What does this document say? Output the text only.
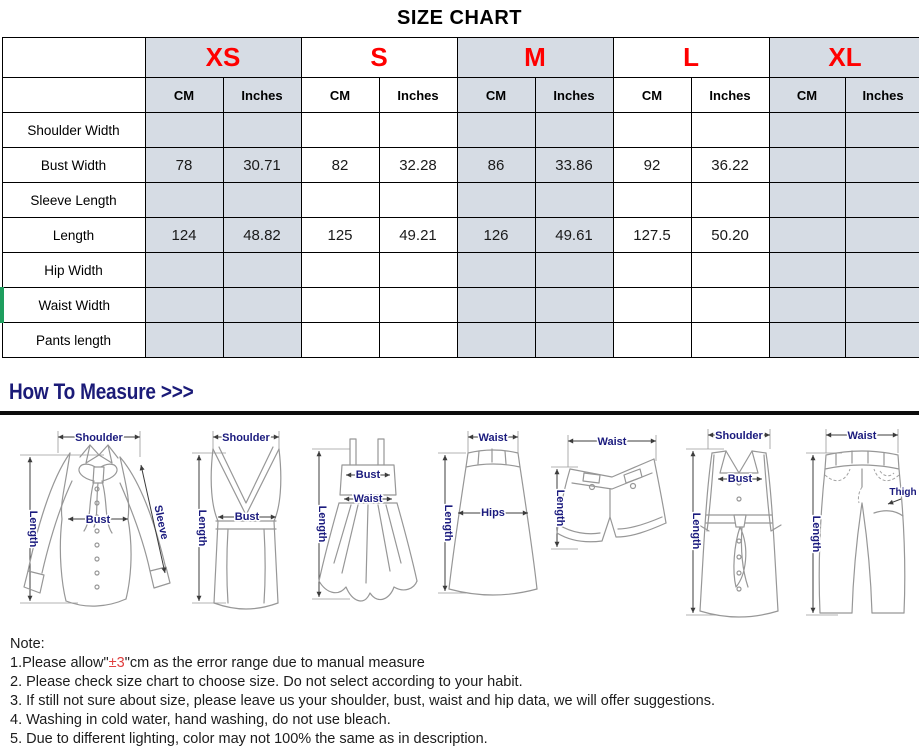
SIZE CHART
	XS		S		M		L		XL	
	CM	Inches	CM	Inches	CM	Inches	CM	Inches	CM	Inches
Shoulder Width										
Bust Width	78	30.71	82	32.28	86	33.86	92	36.22		
Sleeve Length										
Length	124	48.82	125	49.21	126	49.61	127.5	50.20		
Hip Width										
Waist Width										
Pants length										
How To Measure >>>
Shoulder
Bust	Sleeve
Length
Shoulder
Bust
Length
Bust
Waist
Length
Waist
Hips
Length
Waist
Length
Shoulder
Bust
Length
Waist
Thigh
Length
Note:
1.Please allow"±3"cm as the error range due to manual measure
2. Please check size chart to choose size. Do not select according to your habit.
3. If still not sure about size, please leave us your shoulder, bust, waist and hip data, we will offer suggestions.
4. Washing in cold water, hand washing, do not use bleach.
5. Due to different lighting, color may not 100% the same as in description.
